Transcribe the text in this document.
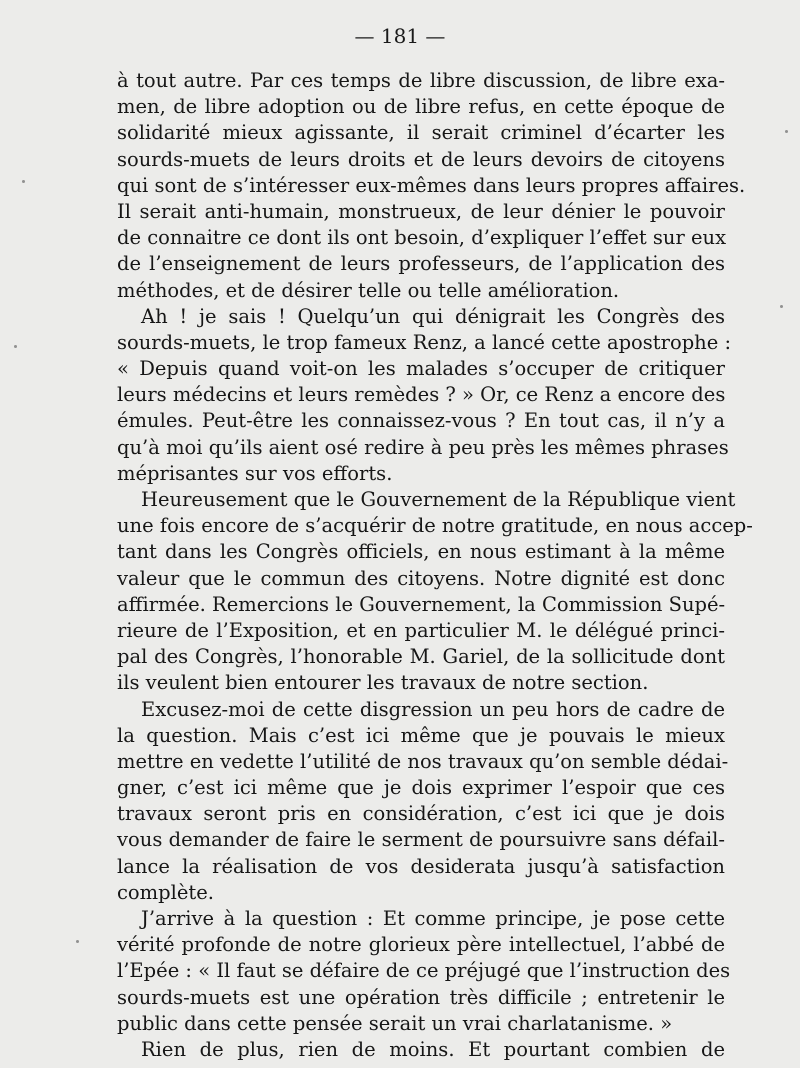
— 181 —
à tout autre. Par ces temps de libre discussion, de libre exa-
men, de libre adoption ou de libre refus, en cette époque de
solidarité mieux agissante, il serait criminel d’écarter les
sourds-muets de leurs droits et de leurs devoirs de citoyens
qui sont de s’intéresser eux-mêmes dans leurs propres affaires.
Il serait anti-humain, monstrueux, de leur dénier le pouvoir
de connaitre ce dont ils ont besoin, d’expliquer l’effet sur eux
de l’enseignement de leurs professeurs, de l’application des
méthodes, et de désirer telle ou telle amélioration.
Ah ! je sais ! Quelqu’un qui dénigrait les Congrès des
sourds-muets, le trop fameux Renz, a lancé cette apostrophe :
« Depuis quand voit-on les malades s’occuper de critiquer
leurs médecins et leurs remèdes ? » Or, ce Renz a encore des
émules. Peut-être les connaissez-vous ? En tout cas, il n’y a
qu’à moi qu’ils aient osé redire à peu près les mêmes phrases
méprisantes sur vos efforts.
Heureusement que le Gouvernement de la République vient
une fois encore de s’acquérir de notre gratitude, en nous accep-
tant dans les Congrès officiels, en nous estimant à la même
valeur que le commun des citoyens. Notre dignité est donc
affirmée. Remercions le Gouvernement, la Commission Supé-
rieure de l’Exposition, et en particulier M. le délégué princi-
pal des Congrès, l’honorable M. Gariel, de la sollicitude dont
ils veulent bien entourer les travaux de notre section.
Excusez-moi de cette disgression un peu hors de cadre de
la question. Mais c’est ici même que je pouvais le mieux
mettre en vedette l’utilité de nos travaux qu’on semble dédai-
gner, c’est ici même que je dois exprimer l’espoir que ces
travaux seront pris en considération, c’est ici que je dois
vous demander de faire le serment de poursuivre sans défail-
lance la réalisation de vos desiderata jusqu’à satisfaction
complète.
J’arrive à la question : Et comme principe, je pose cette
vérité profonde de notre glorieux père intellectuel, l’abbé de
l’Epée : « Il faut se défaire de ce préjugé que l’instruction des
sourds-muets est une opération très difficile ; entretenir le
public dans cette pensée serait un vrai charlatanisme. »
Rien de plus, rien de moins. Et pourtant combien de
